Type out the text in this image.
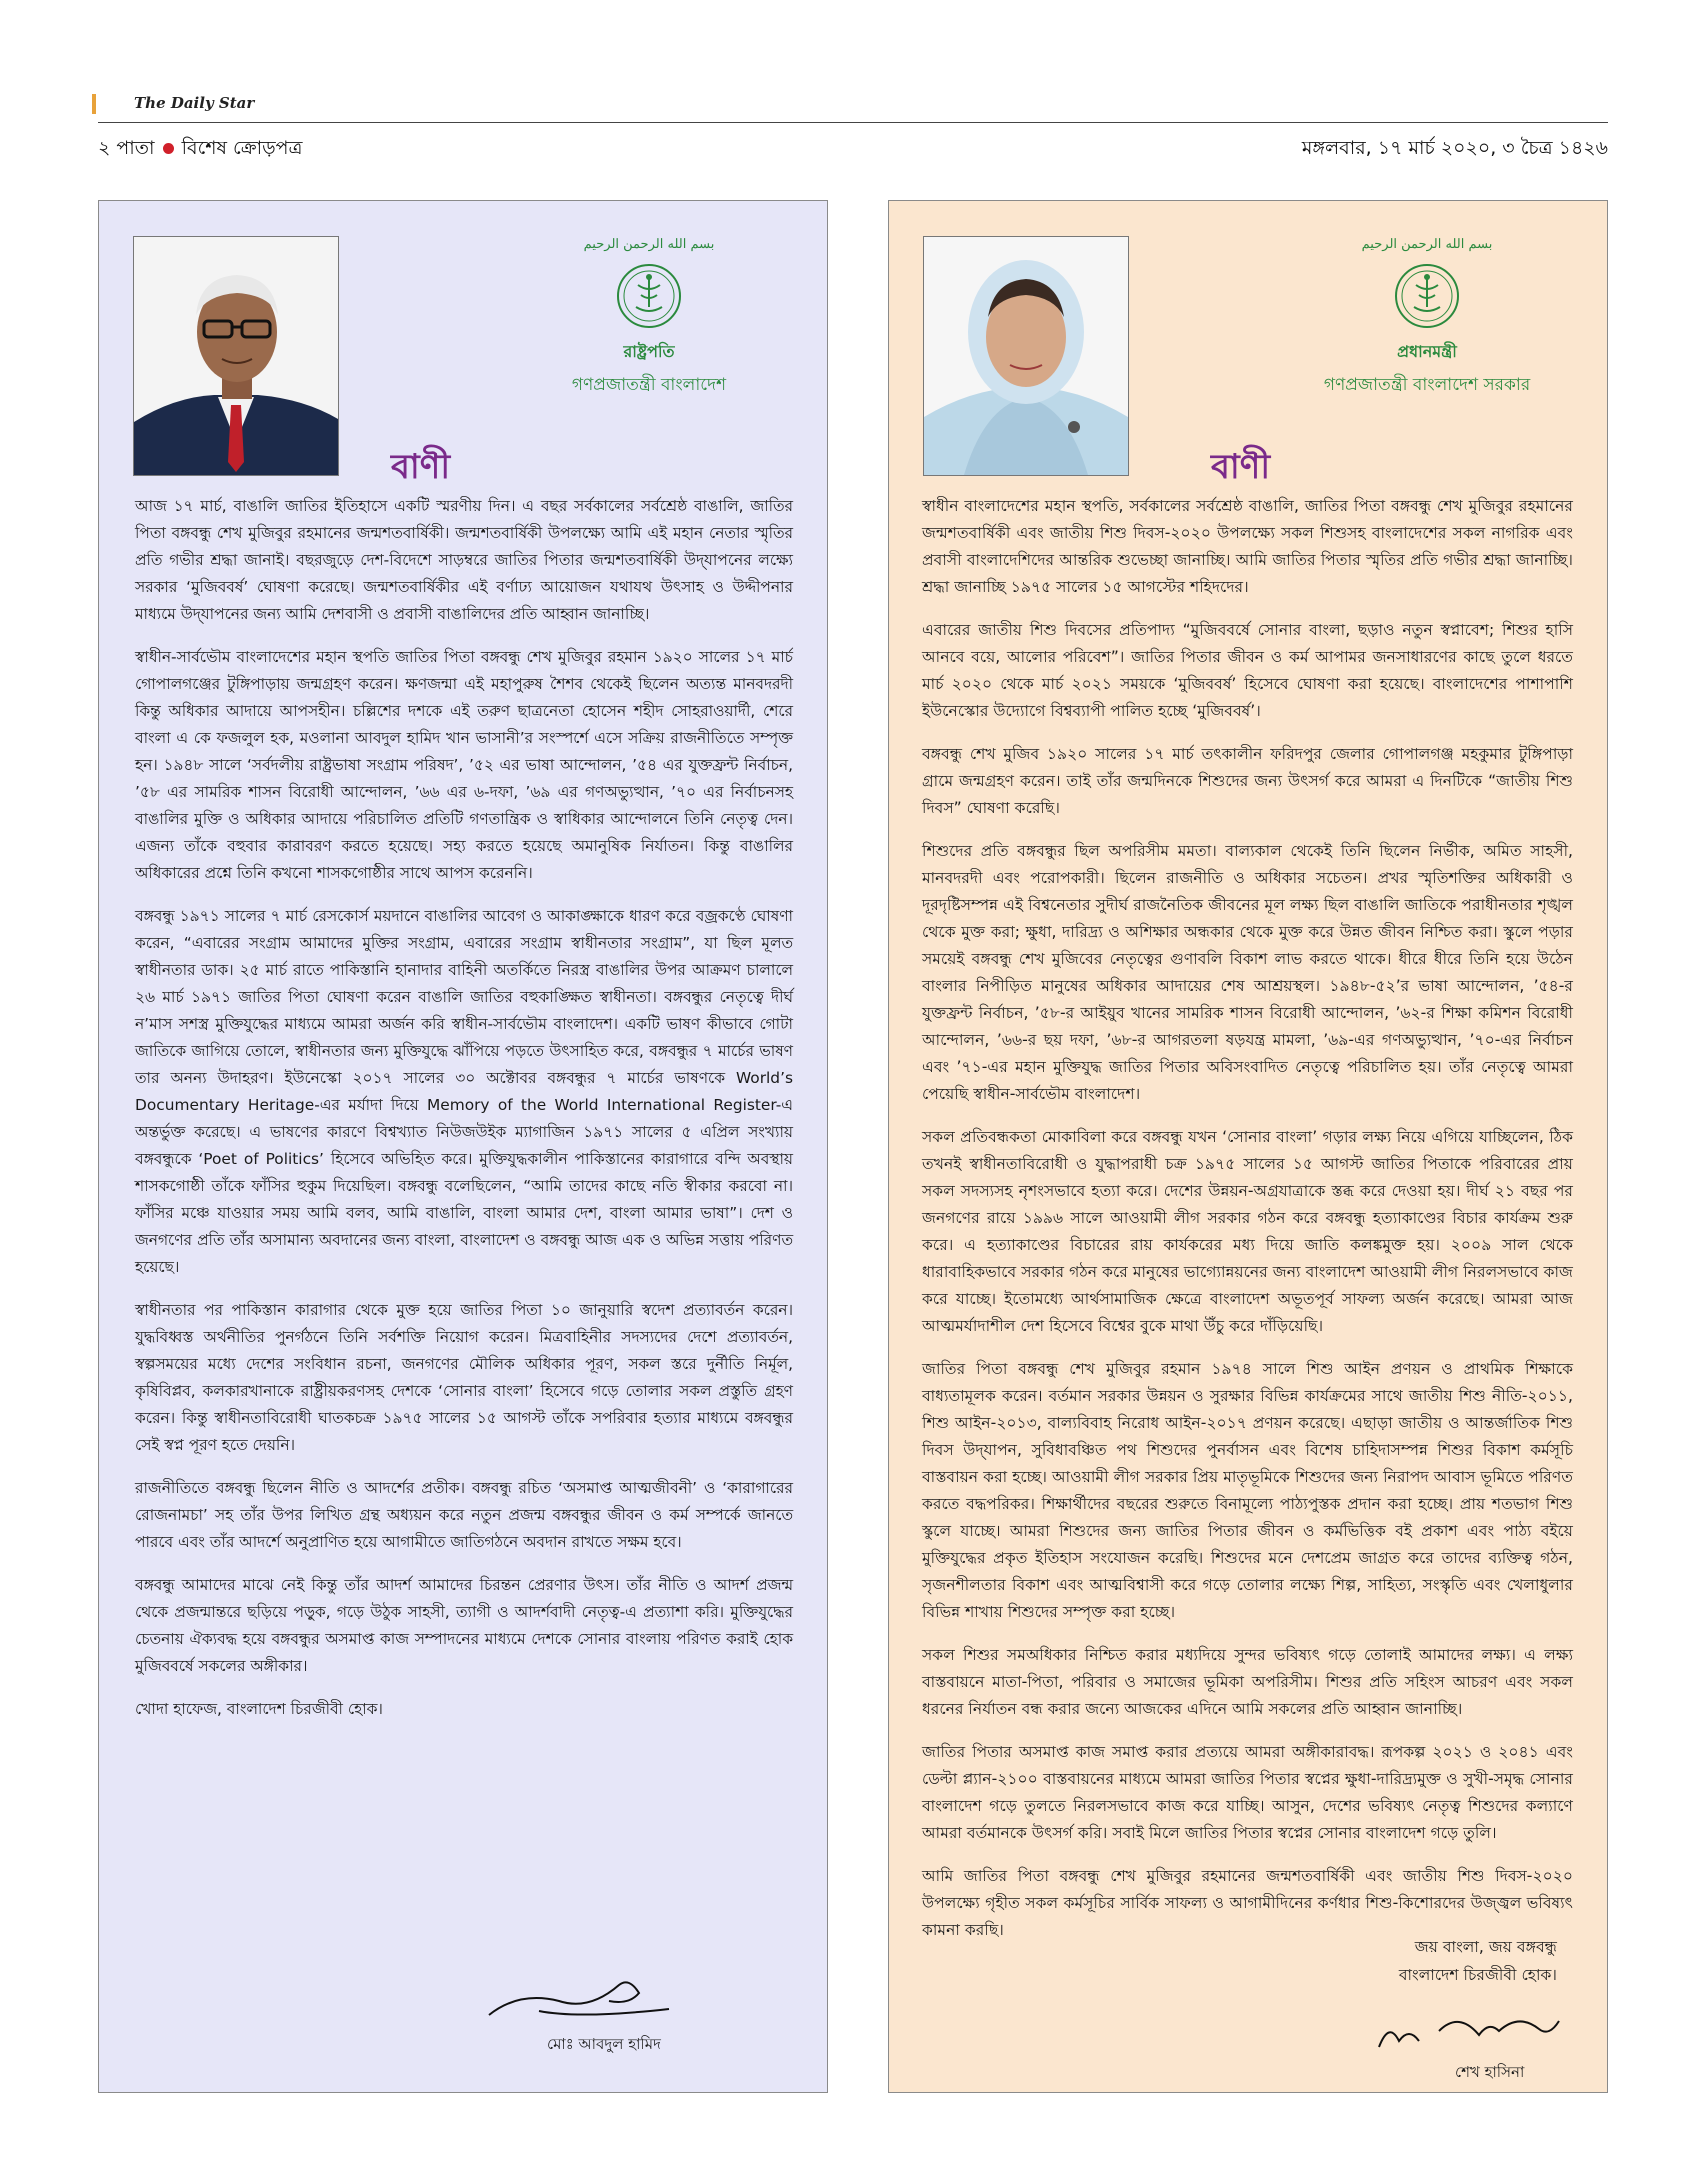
The Daily Star
২ পাতা বিশেষ ক্রোড়পত্র	মঙ্গলবার, ১৭ মার্চ ২০২০, ৩ চৈত্র ১৪২৬
بسم الله الرحمن الرحيم
রাষ্ট্রপতি
গণপ্রজাতন্ত্রী বাংলাদেশ
বাণী

আজ ১৭ মার্চ, বাঙালি জাতির ইতিহাসে একটি স্মরণীয় দিন। এ বছর সর্বকালের সর্বশ্রেষ্ঠ বাঙালি, জাতির পিতা বঙ্গবন্ধু শেখ মুজিবুর রহমানের জন্মশতবার্ষিকী। জন্মশতবার্ষিকী উপলক্ষ্যে আমি এই মহান নেতার স্মৃতির প্রতি গভীর শ্রদ্ধা জানাই। বছরজুড়ে দেশ-বিদেশে সাড়ম্বরে জাতির পিতার জন্মশতবার্ষিকী উদ্‌যাপনের লক্ষ্যে সরকার ‘মুজিববর্ষ’ ঘোষণা করেছে। জন্মশতবার্ষিকীর এই বর্ণাঢ্য আয়োজন যথাযথ উৎসাহ ও উদ্দীপনার মাধ্যমে উদ্‌যাপনের জন্য আমি দেশবাসী ও প্রবাসী বাঙালিদের প্রতি আহ্বান জানাচ্ছি।

স্বাধীন-সার্বভৌম বাংলাদেশের মহান স্থপতি জাতির পিতা বঙ্গবন্ধু শেখ মুজিবুর রহমান ১৯২০ সালের ১৭ মার্চ গোপালগঞ্জের টুঙ্গিপাড়ায় জন্মগ্রহণ করেন। ক্ষণজন্মা এই মহাপুরুষ শৈশব থেকেই ছিলেন অত্যন্ত মানবদরদী কিন্তু অধিকার আদায়ে আপসহীন। চল্লিশের দশকে এই তরুণ ছাত্রনেতা হোসেন শহীদ সোহরাওয়ার্দী, শেরে বাংলা এ কে ফজলুল হক, মওলানা আবদুল হামিদ খান ভাসানী’র সংস্পর্শে এসে সক্রিয় রাজনীতিতে সম্পৃক্ত হন। ১৯৪৮ সালে ‘সর্বদলীয় রাষ্ট্রভাষা সংগ্রাম পরিষদ’, ’৫২ এর ভাষা আন্দোলন, ’৫৪ এর যুক্তফ্রন্ট নির্বাচন, ’৫৮ এর সামরিক শাসন বিরোধী আন্দোলন, ’৬৬ এর ৬-দফা, ’৬৯ এর গণঅভ্যুত্থান, ’৭০ এর নির্বাচনসহ বাঙালির মুক্তি ও অধিকার আদায়ে পরিচালিত প্রতিটি গণতান্ত্রিক ও স্বাধিকার আন্দোলনে তিনি নেতৃত্ব দেন। এজন্য তাঁকে বহুবার কারাবরণ করতে হয়েছে। সহ্য করতে হয়েছে অমানুষিক নির্যাতন। কিন্তু বাঙালির অধিকারের প্রশ্নে তিনি কখনো শাসকগোষ্ঠীর সাথে আপস করেননি।

বঙ্গবন্ধু ১৯৭১ সালের ৭ মার্চ রেসকোর্স ময়দানে বাঙালির আবেগ ও আকাঙ্ক্ষাকে ধারণ করে বজ্রকণ্ঠে ঘোষণা করেন, “এবারের সংগ্রাম আমাদের মুক্তির সংগ্রাম, এবারের সংগ্রাম স্বাধীনতার সংগ্রাম”, যা ছিল মূলত স্বাধীনতার ডাক। ২৫ মার্চ রাতে পাকিস্তানি হানাদার বাহিনী অতর্কিতে নিরস্ত্র বাঙালির উপর আক্রমণ চালালে ২৬ মার্চ ১৯৭১ জাতির পিতা ঘোষণা করেন বাঙালি জাতির বহুকাঙ্ক্ষিত স্বাধীনতা। বঙ্গবন্ধুর নেতৃত্বে দীর্ঘ ন’মাস সশস্ত্র মুক্তিযুদ্ধের মাধ্যমে আমরা অর্জন করি স্বাধীন-সার্বভৌম বাংলাদেশ। একটি ভাষণ কীভাবে গোটা জাতিকে জাগিয়ে তোলে, স্বাধীনতার জন্য মুক্তিযুদ্ধে ঝাঁপিয়ে পড়তে উৎসাহিত করে, বঙ্গবন্ধুর ৭ মার্চের ভাষণ তার অনন্য উদাহরণ। ইউনেস্কো ২০১৭ সালের ৩০ অক্টোবর বঙ্গবন্ধুর ৭ মার্চের ভাষণকে World’s Documentary Heritage-এর মর্যাদা দিয়ে Memory of the World International Register-এ অন্তর্ভুক্ত করেছে। এ ভাষণের কারণে বিশ্বখ্যাত নিউজউইক ম্যাগাজিন ১৯৭১ সালের ৫ এপ্রিল সংখ্যায় বঙ্গবন্ধুকে ‘Poet of Politics’ হিসেবে অভিহিত করে। মুক্তিযুদ্ধকালীন পাকিস্তানের কারাগারে বন্দি অবস্থায় শাসকগোষ্ঠী তাঁকে ফাঁসির হুকুম দিয়েছিল। বঙ্গবন্ধু বলেছিলেন, “আমি তাদের কাছে নতি স্বীকার করবো না। ফাঁসির মঞ্চে যাওয়ার সময় আমি বলব, আমি বাঙালি, বাংলা আমার দেশ, বাংলা আমার ভাষা”। দেশ ও জনগণের প্রতি তাঁর অসামান্য অবদানের জন্য বাংলা, বাংলাদেশ ও বঙ্গবন্ধু আজ এক ও অভিন্ন সত্তায় পরিণত হয়েছে।

স্বাধীনতার পর পাকিস্তান কারাগার থেকে মুক্ত হয়ে জাতির পিতা ১০ জানুয়ারি স্বদেশ প্রত্যাবর্তন করেন। যুদ্ধবিধ্বস্ত অর্থনীতির পুনর্গঠনে তিনি সর্বশক্তি নিয়োগ করেন। মিত্রবাহিনীর সদস্যদের দেশে প্রত্যাবর্তন, স্বল্পসময়ের মধ্যে দেশের সংবিধান রচনা, জনগণের মৌলিক অধিকার পূরণ, সকল স্তরে দুর্নীতি নির্মূল, কৃষিবিপ্লব, কলকারখানাকে রাষ্ট্রীয়করণসহ দেশকে ‘সোনার বাংলা’ হিসেবে গড়ে তোলার সকল প্রস্তুতি গ্রহণ করেন। কিন্তু স্বাধীনতাবিরোধী ঘাতকচক্র ১৯৭৫ সালের ১৫ আগস্ট তাঁকে সপরিবার হত্যার মাধ্যমে বঙ্গবন্ধুর সেই স্বপ্ন পূরণ হতে দেয়নি।

রাজনীতিতে বঙ্গবন্ধু ছিলেন নীতি ও আদর্শের প্রতীক। বঙ্গবন্ধু রচিত ‘অসমাপ্ত আত্মজীবনী’ ও ‘কারাগারের রোজনামচা’ সহ তাঁর উপর লিখিত গ্রন্থ অধ্যয়ন করে নতুন প্রজন্ম বঙ্গবন্ধুর জীবন ও কর্ম সম্পর্কে জানতে পারবে এবং তাঁর আদর্শে অনুপ্রাণিত হয়ে আগামীতে জাতিগঠনে অবদান রাখতে সক্ষম হবে।

বঙ্গবন্ধু আমাদের মাঝে নেই কিন্তু তাঁর আদর্শ আমাদের চিরন্তন প্রেরণার উৎস। তাঁর নীতি ও আদর্শ প্রজন্ম থেকে প্রজন্মান্তরে ছড়িয়ে পড়ুক, গড়ে উঠুক সাহসী, ত্যাগী ও আদর্শবাদী নেতৃত্ব-এ প্রত্যাশা করি। মুক্তিযুদ্ধের চেতনায় ঐক্যবদ্ধ হয়ে বঙ্গবন্ধুর অসমাপ্ত কাজ সম্পাদনের মাধ্যমে দেশকে সোনার বাংলায় পরিণত করাই হোক মুজিববর্ষে সকলের অঙ্গীকার।

খোদা হাফেজ, বাংলাদেশ চিরজীবী হোক।

মোঃ আবদুল হামিদ
بسم الله الرحمن الرحيم
প্রধানমন্ত্রী
গণপ্রজাতন্ত্রী বাংলাদেশ সরকার
বাণী

স্বাধীন বাংলাদেশের মহান স্থপতি, সর্বকালের সর্বশ্রেষ্ঠ বাঙালি, জাতির পিতা বঙ্গবন্ধু শেখ মুজিবুর রহমানের জন্মশতবার্ষিকী এবং জাতীয় শিশু দিবস-২০২০ উপলক্ষ্যে সকল শিশুসহ বাংলাদেশের সকল নাগরিক এবং প্রবাসী বাংলাদেশিদের আন্তরিক শুভেচ্ছা জানাচ্ছি। আমি জাতির পিতার স্মৃতির প্রতি গভীর শ্রদ্ধা জানাচ্ছি। শ্রদ্ধা জানাচ্ছি ১৯৭৫ সালের ১৫ আগস্টের শহিদদের।

এবারের জাতীয় শিশু দিবসের প্রতিপাদ্য “মুজিববর্ষে সোনার বাংলা, ছড়াও নতুন স্বপ্নাবেশ; শিশুর হাসি আনবে বয়ে, আলোর পরিবেশ”। জাতির পিতার জীবন ও কর্ম আপামর জনসাধারণের কাছে তুলে ধরতে মার্চ ২০২০ থেকে মার্চ ২০২১ সময়কে ‘মুজিববর্ষ’ হিসেবে ঘোষণা করা হয়েছে। বাংলাদেশের পাশাপাশি ইউনেস্কোর উদ্যোগে বিশ্বব্যাপী পালিত হচ্ছে ‘মুজিববর্ষ’।

বঙ্গবন্ধু শেখ মুজিব ১৯২০ সালের ১৭ মার্চ তৎকালীন ফরিদপুর জেলার গোপালগঞ্জ মহকুমার টুঙ্গিপাড়া গ্রামে জন্মগ্রহণ করেন। তাই তাঁর জন্মদিনকে শিশুদের জন্য উৎসর্গ করে আমরা এ দিনটিকে “জাতীয় শিশু দিবস” ঘোষণা করেছি।

শিশুদের প্রতি বঙ্গবন্ধুর ছিল অপরিসীম মমতা। বাল্যকাল থেকেই তিনি ছিলেন নির্ভীক, অমিত সাহসী, মানবদরদী এবং পরোপকারী। ছিলেন রাজনীতি ও অধিকার সচেতন। প্রখর স্মৃতিশক্তির অধিকারী ও দূরদৃষ্টিসম্পন্ন এই বিশ্বনেতার সুদীর্ঘ রাজনৈতিক জীবনের মূল লক্ষ্য ছিল বাঙালি জাতিকে পরাধীনতার শৃঙ্খল থেকে মুক্ত করা; ক্ষুধা, দারিদ্র্য ও অশিক্ষার অন্ধকার থেকে মুক্ত করে উন্নত জীবন নিশ্চিত করা। স্কুলে পড়ার সময়েই বঙ্গবন্ধু শেখ মুজিবের নেতৃত্বের গুণাবলি বিকাশ লাভ করতে থাকে। ধীরে ধীরে তিনি হয়ে উঠেন বাংলার নিপীড়িত মানুষের অধিকার আদায়ের শেষ আশ্রয়স্থল। ১৯৪৮-৫২’র ভাষা আন্দোলন, ’৫৪-র যুক্তফ্রন্ট নির্বাচন, ’৫৮-র আইয়ুব খানের সামরিক শাসন বিরোধী আন্দোলন, ’৬২-র শিক্ষা কমিশন বিরোধী আন্দোলন, ’৬৬-র ছয় দফা, ’৬৮-র আগরতলা ষড়যন্ত্র মামলা, ’৬৯-এর গণঅভ্যুত্থান, ’৭০-এর নির্বাচন এবং ’৭১-এর মহান মুক্তিযুদ্ধ জাতির পিতার অবিসংবাদিত নেতৃত্বে পরিচালিত হয়। তাঁর নেতৃত্বে আমরা পেয়েছি স্বাধীন-সার্বভৌম বাংলাদেশ।

সকল প্রতিবন্ধকতা মোকাবিলা করে বঙ্গবন্ধু যখন ‘সোনার বাংলা’ গড়ার লক্ষ্য নিয়ে এগিয়ে যাচ্ছিলেন, ঠিক তখনই স্বাধীনতাবিরোধী ও যুদ্ধাপরাধী চক্র ১৯৭৫ সালের ১৫ আগস্ট জাতির পিতাকে পরিবারের প্রায় সকল সদস্যসহ নৃশংসভাবে হত্যা করে। দেশের উন্নয়ন-অগ্রযাত্রাকে স্তব্ধ করে দেওয়া হয়। দীর্ঘ ২১ বছর পর জনগণের রায়ে ১৯৯৬ সালে আওয়ামী লীগ সরকার গঠন করে বঙ্গবন্ধু হত্যাকাণ্ডের বিচার কার্যক্রম শুরু করে। এ হত্যাকাণ্ডের বিচারের রায় কার্যকরের মধ্য দিয়ে জাতি কলঙ্কমুক্ত হয়। ২০০৯ সাল থেকে ধারাবাহিকভাবে সরকার গঠন করে মানুষের ভাগ্যোন্নয়নের জন্য বাংলাদেশ আওয়ামী লীগ নিরলসভাবে কাজ করে যাচ্ছে। ইতোমধ্যে আর্থসামাজিক ক্ষেত্রে বাংলাদেশ অভূতপূর্ব সাফল্য অর্জন করেছে। আমরা আজ আত্মমর্যাদাশীল দেশ হিসেবে বিশ্বের বুকে মাথা উঁচু করে দাঁড়িয়েছি।

জাতির পিতা বঙ্গবন্ধু শেখ মুজিবুর রহমান ১৯৭৪ সালে শিশু আইন প্রণয়ন ও প্রাথমিক শিক্ষাকে বাধ্যতামূলক করেন। বর্তমান সরকার উন্নয়ন ও সুরক্ষার বিভিন্ন কার্যক্রমের সাথে জাতীয় শিশু নীতি-২০১১, শিশু আইন-২০১৩, বাল্যবিবাহ নিরোধ আইন-২০১৭ প্রণয়ন করেছে। এছাড়া জাতীয় ও আন্তর্জাতিক শিশু দিবস উদ্‌যাপন, সুবিধাবঞ্চিত পথ শিশুদের পুনর্বাসন এবং বিশেষ চাহিদাসম্পন্ন শিশুর বিকাশ কর্মসূচি বাস্তবায়ন করা হচ্ছে। আওয়ামী লীগ সরকার প্রিয় মাতৃভূমিকে শিশুদের জন্য নিরাপদ আবাস ভূমিতে পরিণত করতে বদ্ধপরিকর। শিক্ষার্থীদের বছরের শুরুতে বিনামূল্যে পাঠ্যপুস্তক প্রদান করা হচ্ছে। প্রায় শতভাগ শিশু স্কুলে যাচ্ছে। আমরা শিশুদের জন্য জাতির পিতার জীবন ও কর্মভিত্তিক বই প্রকাশ এবং পাঠ্য বইয়ে মুক্তিযুদ্ধের প্রকৃত ইতিহাস সংযোজন করেছি। শিশুদের মনে দেশপ্রেম জাগ্রত করে তাদের ব্যক্তিত্ব গঠন, সৃজনশীলতার বিকাশ এবং আত্মবিশ্বাসী করে গড়ে তোলার লক্ষ্যে শিল্প, সাহিত্য, সংস্কৃতি এবং খেলাধুলার বিভিন্ন শাখায় শিশুদের সম্পৃক্ত করা হচ্ছে।

সকল শিশুর সমঅধিকার নিশ্চিত করার মধ্যদিয়ে সুন্দর ভবিষ্যৎ গড়ে তোলাই আমাদের লক্ষ্য। এ লক্ষ্য বাস্তবায়নে মাতা-পিতা, পরিবার ও সমাজের ভূমিকা অপরিসীম। শিশুর প্রতি সহিংস আচরণ এবং সকল ধরনের নির্যাতন বন্ধ করার জন্যে আজকের এদিনে আমি সকলের প্রতি আহ্বান জানাচ্ছি।

জাতির পিতার অসমাপ্ত কাজ সমাপ্ত করার প্রত্যয়ে আমরা অঙ্গীকারাবদ্ধ। রূপকল্প ২০২১ ও ২০৪১ এবং ডেল্টা প্ল্যান-২১০০ বাস্তবায়নের মাধ্যমে আমরা জাতির পিতার স্বপ্নের ক্ষুধা-দারিদ্র্যমুক্ত ও সুখী-সমৃদ্ধ সোনার বাংলাদেশ গড়ে তুলতে নিরলসভাবে কাজ করে যাচ্ছি। আসুন, দেশের ভবিষ্যৎ নেতৃত্ব শিশুদের কল্যাণে আমরা বর্তমানকে উৎসর্গ করি। সবাই মিলে জাতির পিতার স্বপ্নের সোনার বাংলাদেশ গড়ে তুলি।

আমি জাতির পিতা বঙ্গবন্ধু শেখ মুজিবুর রহমানের জন্মশতবার্ষিকী এবং জাতীয় শিশু দিবস-২০২০ উপলক্ষ্যে গৃহীত সকল কর্মসূচির সার্বিক সাফল্য ও আগামীদিনের কর্ণধার শিশু-কিশোরদের উজ্জ্বল ভবিষ্যৎ কামনা করছি।

জয় বাংলা, জয় বঙ্গবন্ধু
বাংলাদেশ চিরজীবী হোক।
শেখ হাসিনা
